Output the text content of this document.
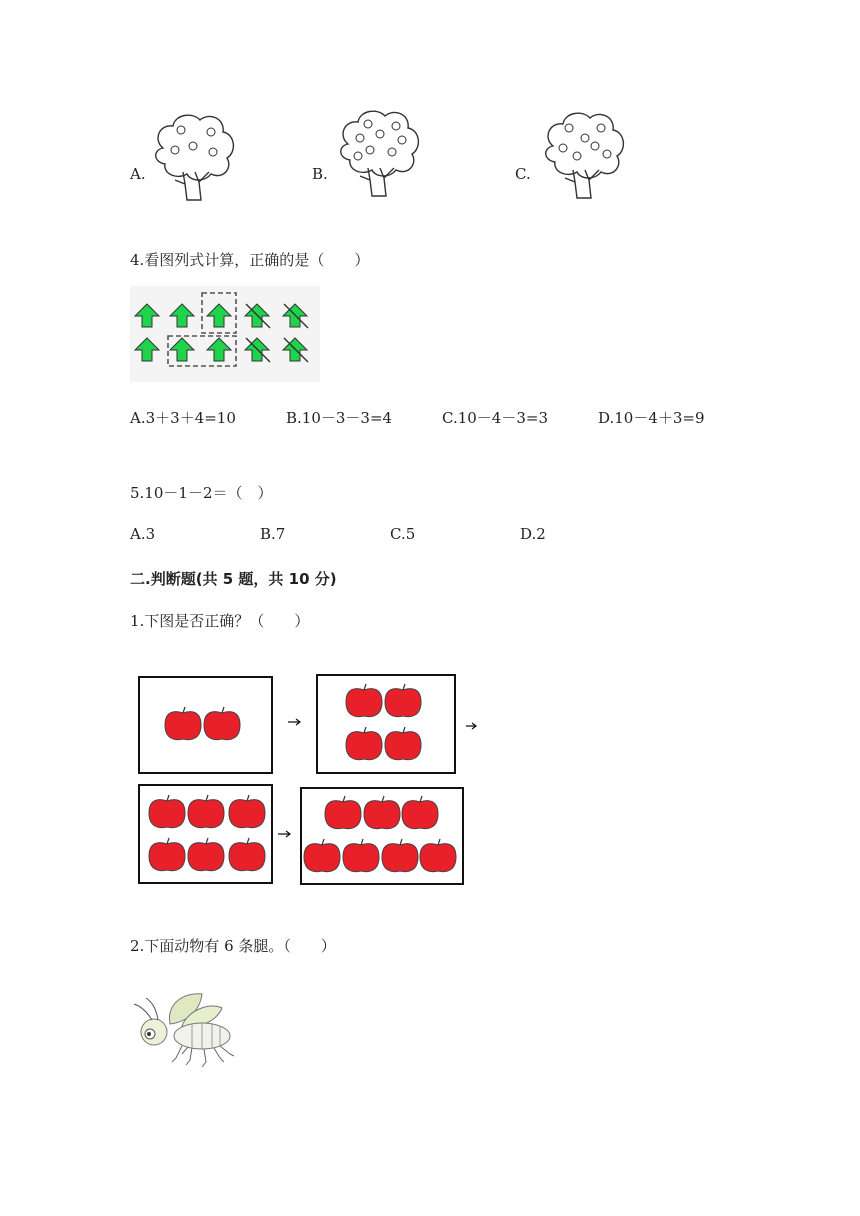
A.	B.	C.
4.看图列式计算，正确的是（　　）
A.3＋3＋4=10	B.10－3－3=4	C.10－4－3=3	D.10－4＋3=9
5.10－1－2＝（　）
A.3	B.7	C.5	D.2
二.判断题(共 5 题，共 10 分)
1.下图是否正确？（　　）
2.下面动物有 6 条腿。（　　）
